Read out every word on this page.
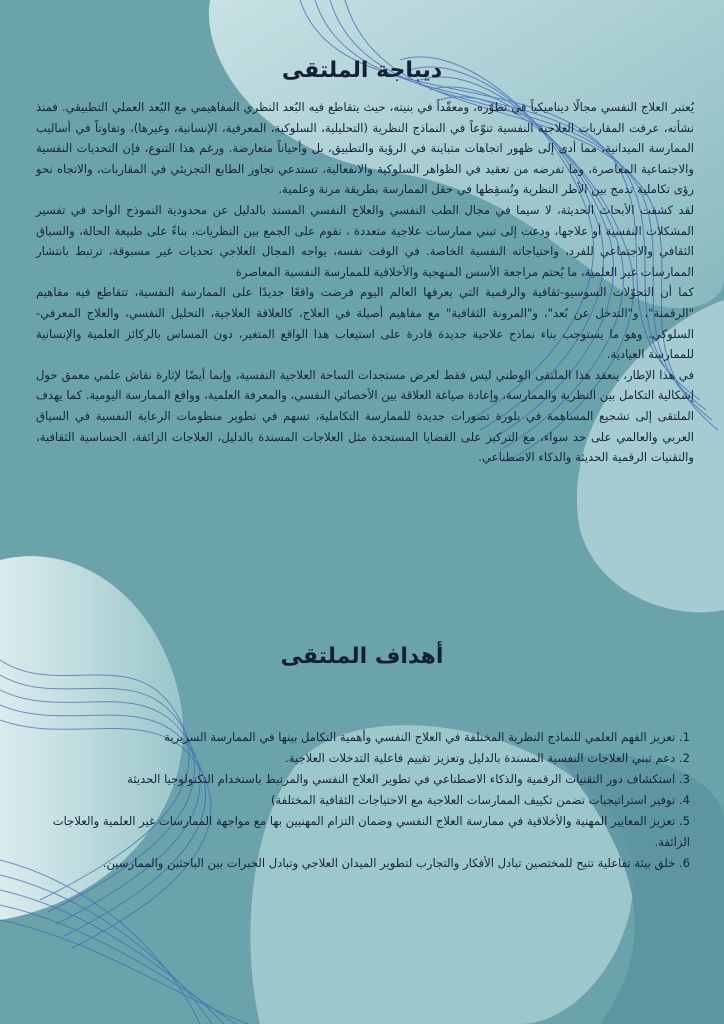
ديباجة الملتقى

يُعتبر العلاج النفسي مجالًا ديناميكياً في تطوّره، ومعقّداً في بنيته، حيث يتقاطع فيه البُعد النظري المفاهيمي مع البُعد العملي التطبيقي. فمنذ نشأته، عرفت المقاربات العلاجية النفسية تنوّعاً في النماذج النظرية (التحليلية، السلوكية، المعرفية، الإنسانية، وغيرها)، وتفاوتاً في أساليب الممارسة الميدانية، مما أدى إلى ظهور اتجاهات متباينة في الرؤية والتطبيق، بل وأحياناً متعارضة. ورغم هذا التنوع، فإن التحديات النفسية والاجتماعية المعاصرة، وما تفرضه من تعقيد في الظواهر السلوكية والانفعالية، تستدعي تجاوز الطابع التجزيئي في المقاربات، والاتجاه نحو رؤى تكاملية تدمج بين الأطر النظرية وتُسقِطها في حقل الممارسة بطريقة مرنة وعلمية.

لقد كشفت الأبحاث الحديثة، لا سيما في مجال الطب النفسي والعلاج النفسي المسند بالدليل عن محدودية النموذج الواحد في تفسير المشكلات النفسية أو علاجها، ودعت إلى تبني ممارسات علاجية متعددة ، تقوم على الجمع بين النظريات، بناءً على طبيعة الحالة، والسياق الثقافي والاجتماعي للفرد، واحتياجاته النفسية الخاصة. في الوقت نفسه، يواجه المجال العلاجي تحديات غير مسبوقة، ترتبط بانتشار الممارسات غير العلمية، ما يُحتم مراجعة الأسس المنهجية والأخلاقية للممارسة النفسية المعاصرة

كما أن التحوّلات السوسيو-ثقافية والرقمية التي يعرفها العالم اليوم فرضت واقعًا جديدًا على الممارسة النفسية، تتقاطع فيه مفاهيم "الرقمنة"، و"التدخل عن بُعد"، و"المرونة الثقافية" مع مفاهيم أصيلة في العلاج، كالعلاقة العلاجية، التحليل النفسي، والعلاج المعرفي-السلوكي. وهو ما يستوجب بناء نماذج علاجية جديدة قادرة على استيعاب هذا الواقع المتغير، دون المساس بالركائز العلمية والإنسانية للممارسة العيادية.

في هذا الإطار، ينعقد هذا الملتقى الوطني ليس فقط لعرض مستجدات الساحة العلاجية النفسية، وإنما أيضًا لإثارة نقاش علمي معمق حول إشكالية التكامل بين النظرية والممارسة، وإعادة صياغة العلاقة بين الأخصائي النفسي، والمعرفة العلمية، وواقع الممارسة اليومية. كما يهدف الملتقى إلى تشجيع المساهمة في بلورة تصورات جديدة للممارسة التكاملية، تسهم في تطوير منظومات الرعاية النفسية في السياق العربي والعالمي على حد سواء، مع التركيز على القضايا المستجدة مثل العلاجات المسندة بالدليل، العلاجات الزائفة، الحساسية الثقافية، والتقنيات الرقمية الحديثة والذكاء الاصطناعي.

أهداف الملتقى
1. تعزيز الفهم العلمي للنماذج النظرية المختلفة في العلاج النفسي وأهمية التكامل بينها في الممارسة السريرية
2. دعم تبني العلاجات النفسية المسندة بالدليل وتعزيز تقييم فاعلية التدخلات العلاجية.
3. استكشاف دور التقنيات الرقمية والذكاء الاصطناعي في تطوير العلاج النفسي والمرتبط باستخدام التكنولوجيا الحديثة
4. توفير استراتيجيات تضمن تكييف الممارسات العلاجية مع الاحتياجات الثقافية المختلفة)
5. تعزيز المعايير المهنية والأخلاقية في ممارسة العلاج النفسي وضمان التزام المهنيين بها مع مواجهة الممارسات غير العلمية والعلاجات الزائفة.
6. خلق بيئة تفاعلية تتيح للمختصين تبادل الأفكار والتجارب لتطوير الميدان العلاجي وتبادل الخبرات بين الباحثين والممارسين.
